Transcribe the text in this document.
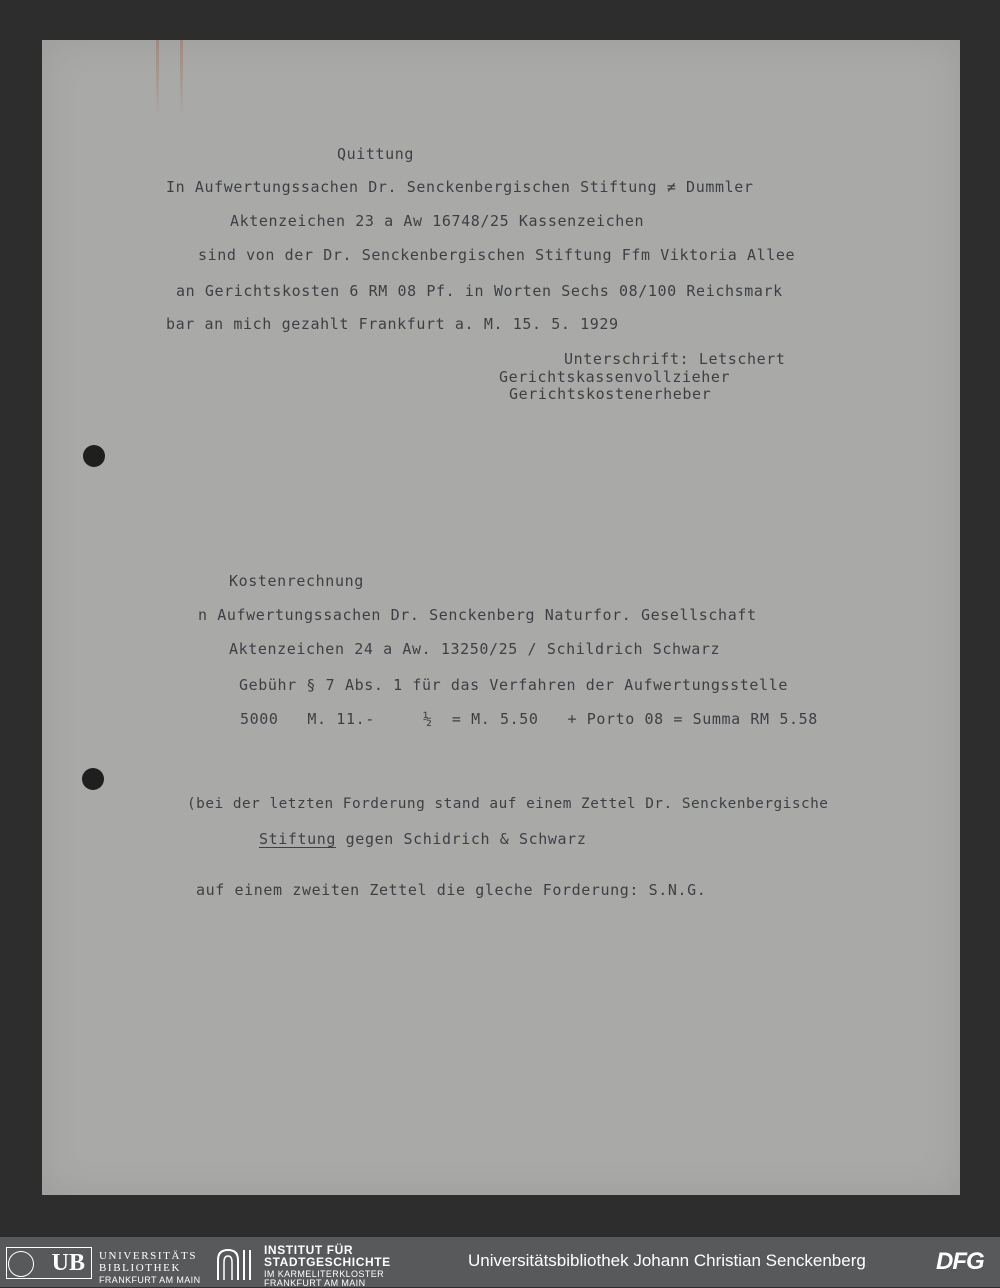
Quittung
In Aufwertungssachen Dr. Senckenbergischen Stiftung ≠ Dummler
Aktenzeichen 23 a Aw 16748/25 Kassenzeichen
sind von der Dr. Senckenbergischen Stiftung Ffm Viktoria Allee
an Gerichtskosten 6 RM 08 Pf. in Worten Sechs 08/100 Reichsmark
bar an mich gezahlt Frankfurt a. M. 15. 5. 1929
Unterschrift: Letschert
Gerichtskassenvollzieher
Gerichtskostenerheber
Kostenrechnung
n Aufwertungssachen Dr. Senckenberg Naturfor. Gesellschaft
Aktenzeichen 24 a Aw. 13250/25 / Schildrich Schwarz
Gebühr § 7 Abs. 1 für das Verfahren der Aufwertungsstelle
5000   M. 11.-     ½  = M. 5.50   + Porto 08 = Summa RM 5.58
(bei der letzten Forderung stand auf einem Zettel Dr. Senckenbergische
Stiftung gegen Schidrich & Schwarz
auf einem zweiten Zettel die gleche Forderung: S.N.G.
UB	UNIVERSITÄTS
BIBLIOTHEK
FRANKFURT AM MAIN
INSTITUT FÜR
STADTGESCHICHTE
IM KARMELITERKLOSTER
FRANKFURT AM MAIN
Universitätsbibliothek Johann Christian Senckenberg	DFG
